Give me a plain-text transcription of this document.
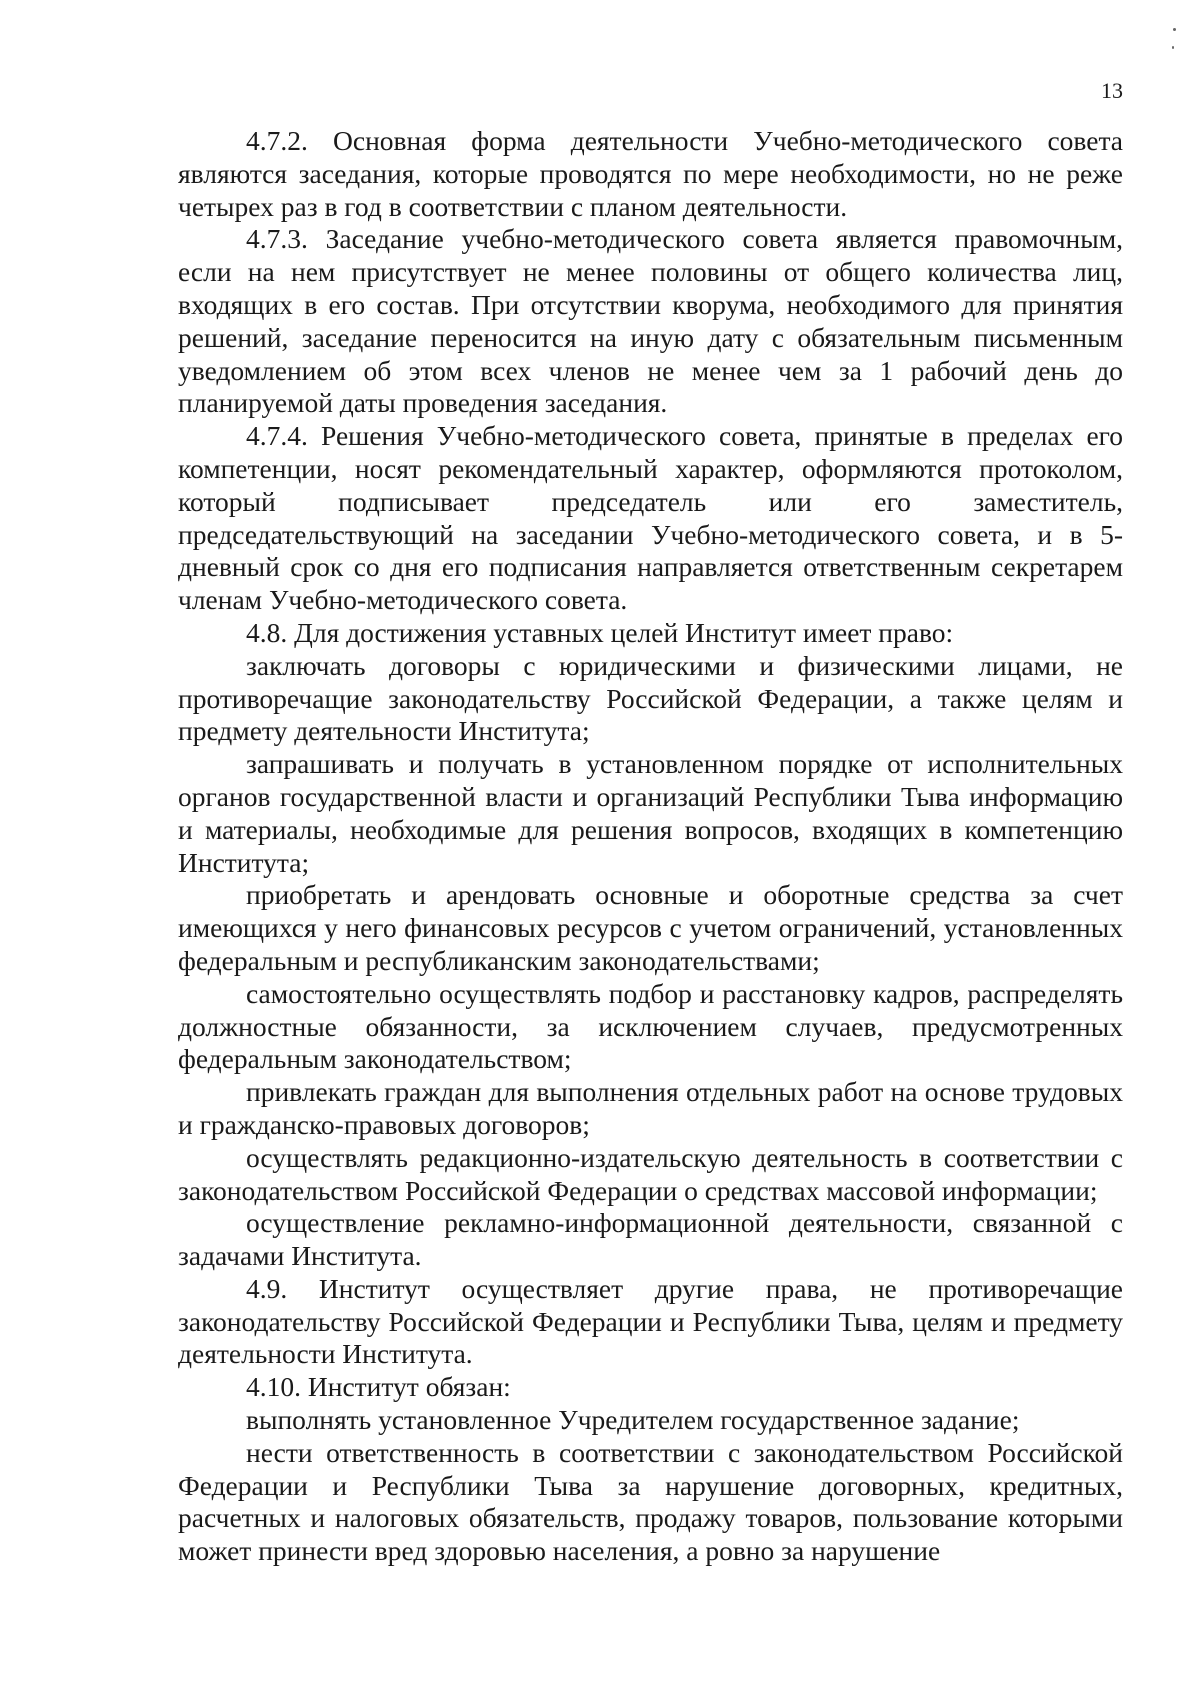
13

4.7.2. Основная форма деятельности Учебно-методического совета являются заседания, которые проводятся по мере необходимости, но не реже четырех раз в год в соответствии с планом деятельности.

4.7.3. Заседание учебно-методического совета является правомочным, если на нем присутствует не менее половины от общего количества лиц, входящих в его состав. При отсутствии кворума, необходимого для принятия решений, заседание переносится на иную дату с обязательным письменным уведомлением об этом всех членов не менее чем за 1 рабочий день до планируемой даты проведения заседания.

4.7.4. Решения Учебно-методического совета, принятые в пределах его компетенции, носят рекомендательный характер, оформляются протоколом, который подписывает председатель или его заместитель, председательствующий на заседании Учебно-методического совета, и в 5-дневный срок со дня его подписания направляется ответственным секретарем членам Учебно-методического совета.

4.8. Для достижения уставных целей Институт имеет право:

заключать договоры с юридическими и физическими лицами, не противоречащие законодательству Российской Федерации, а также целям и предмету деятельности Института;

запрашивать и получать в установленном порядке от исполнительных органов государственной власти и организаций Республики Тыва информацию и материалы, необходимые для решения вопросов, входящих в компетенцию Института;

приобретать и арендовать основные и оборотные средства за счет имеющихся у него финансовых ресурсов с учетом ограничений, установленных федеральным и республиканским законодательствами;

самостоятельно осуществлять подбор и расстановку кадров, распределять должностные обязанности, за исключением случаев, предусмотренных федеральным законодательством;

привлекать граждан для выполнения отдельных работ на основе трудовых и гражданско-правовых договоров;

осуществлять редакционно-издательскую деятельность в соответствии с законодательством Российской Федерации о средствах массовой информации;

осуществление рекламно-информационной деятельности, связанной с задачами Института.

4.9. Институт осуществляет другие права, не противоречащие законодательству Российской Федерации и Республики Тыва, целям и предмету деятельности Института.

4.10. Институт обязан:

выполнять установленное Учредителем государственное задание;

нести ответственность в соответствии с законодательством Российской Федерации и Республики Тыва за нарушение договорных, кредитных, расчетных и налоговых обязательств, продажу товаров, пользование которыми может принести вред здоровью населения, а ровно за нарушение
